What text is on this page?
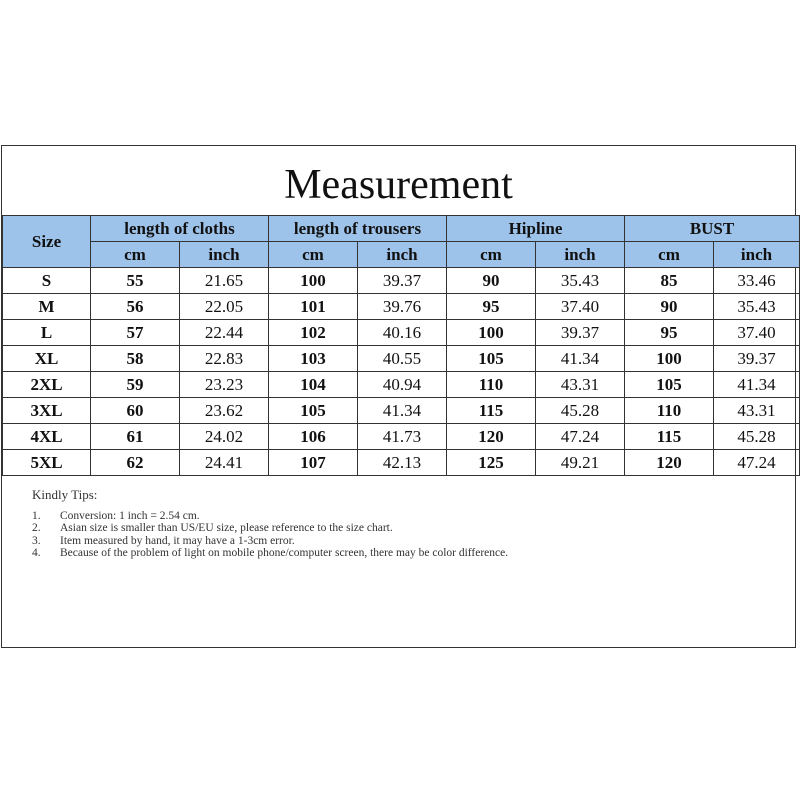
Measurement
Size	length of cloths		length of trousers		Hipline		BUST	
	cm	inch	cm	inch	cm	inch	cm	inch
S	55	21.65	100	39.37	90	35.43	85	33.46
M	56	22.05	101	39.76	95	37.40	90	35.43
L	57	22.44	102	40.16	100	39.37	95	37.40
XL	58	22.83	103	40.55	105	41.34	100	39.37
2XL	59	23.23	104	40.94	110	43.31	105	41.34
3XL	60	23.62	105	41.34	115	45.28	110	43.31
4XL	61	24.02	106	41.73	120	47.24	115	45.28
5XL	62	24.41	107	42.13	125	49.21	120	47.24
Kindly Tips:
1. Conversion: 1 inch = 2.54 cm.
2. Asian size is smaller than US/EU size, please reference to the size chart.
3. Item measured by hand, it may have a 1-3cm error.
4. Because of the problem of light on mobile phone/computer screen, there may be color difference.
